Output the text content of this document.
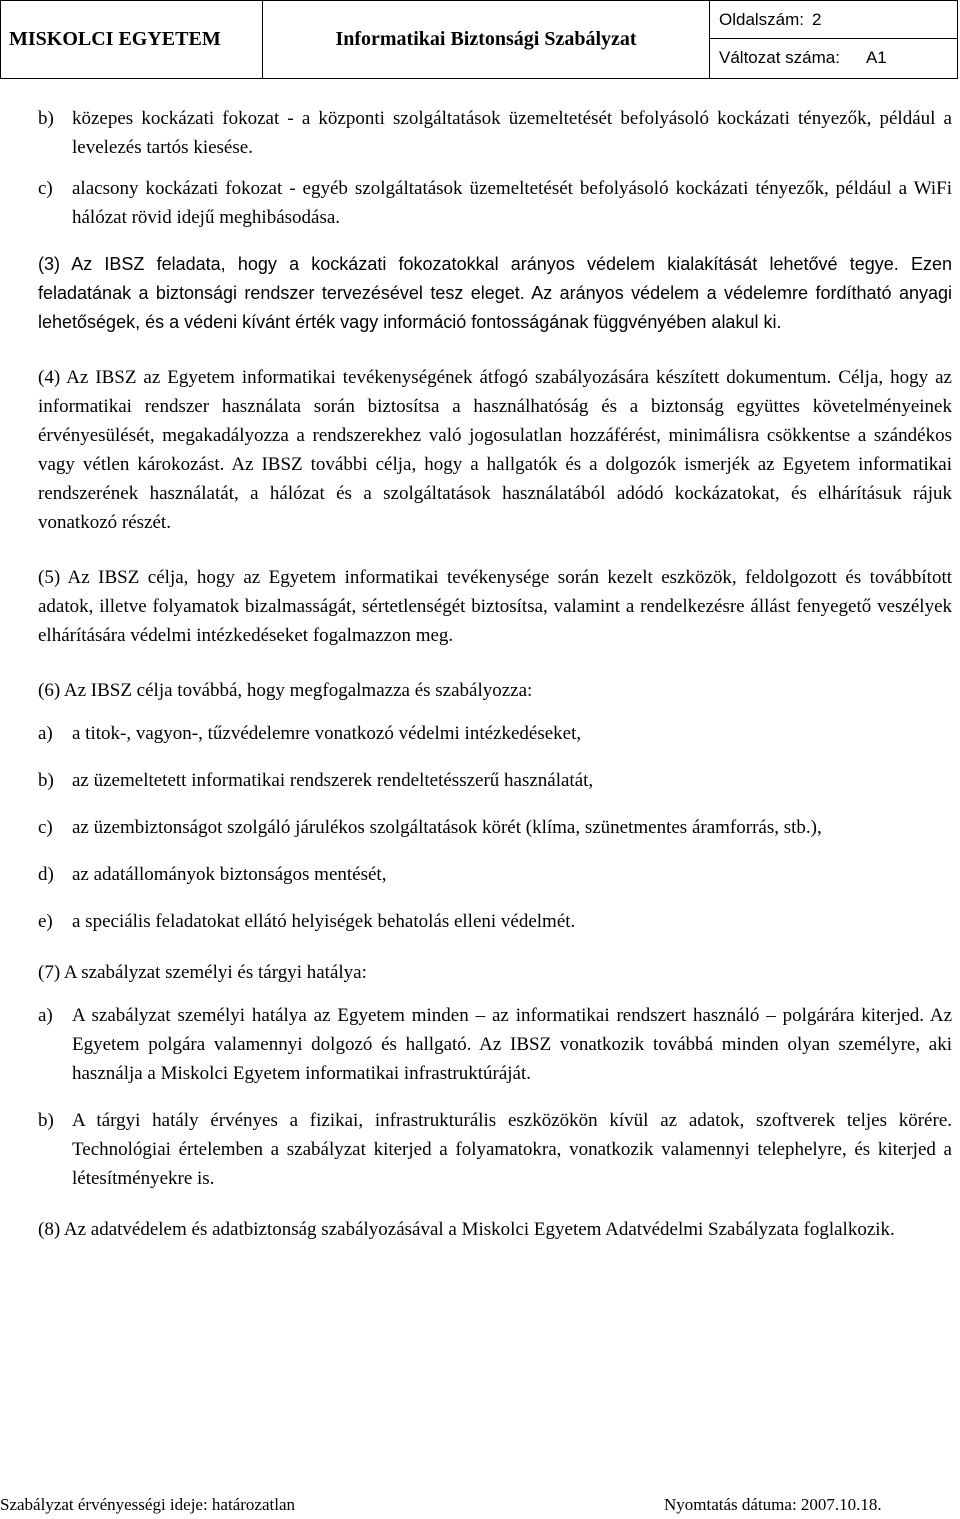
MISKOLCI EGYETEM	Informatikai Biztonsági Szabályzat
Oldalszám: 2
Változat száma: A1
b) közepes kockázati fokozat - a központi szolgáltatások üzemeltetését befolyásoló kockázati tényezők, például a levelezés tartós kiesése.
c)	alacsony kockázati fokozat - egyéb szolgáltatások üzemeltetését befolyásoló kockázati tényezők, például a WiFi hálózat rövid idejű meghibásodása.

(3) Az IBSZ feladata, hogy a kockázati fokozatokkal arányos védelem kialakítását lehetővé tegye. Ezen feladatának a biztonsági rendszer tervezésével tesz eleget. Az arányos védelem a védelemre fordítható anyagi lehetőségek, és a védeni kívánt érték vagy információ fontosságának függvényében alakul ki.

(4) Az IBSZ az Egyetem informatikai tevékenységének átfogó szabályozására készített dokumentum. Célja, hogy az informatikai rendszer használata során biztosítsa a használhatóság és a biztonság együttes követelményeinek érvényesülését, megakadályozza a rendszerekhez való jogosulatlan hozzáférést, minimálisra csökkentse a szándékos vagy vétlen károkozást. Az IBSZ további célja, hogy a hallgatók és a dolgozók ismerjék az Egyetem informatikai rendszerének használatát, a hálózat és a szolgáltatások használatából adódó kockázatokat, és elhárításuk rájuk vonatkozó részét.

(5) Az IBSZ célja, hogy az Egyetem informatikai tevékenysége során kezelt eszközök, feldolgozott és továbbított adatok, illetve folyamatok bizalmasságát, sértetlenségét biztosítsa, valamint a rendelkezésre állást fenyegető veszélyek elhárítására védelmi intézkedéseket fogalmazzon meg.

(6) Az IBSZ célja továbbá, hogy megfogalmazza és szabályozza:

a)	a titok-, vagyon-, tűzvédelemre vonatkozó védelmi intézkedéseket,
b) az üzemeltetett informatikai rendszerek rendeltetésszerű használatát,
c)	az üzembiztonságot szolgáló járulékos szolgáltatások körét (klíma, szünetmentes áramforrás, stb.),
d) az adatállományok biztonságos mentését,
e)	a speciális feladatokat ellátó helyiségek behatolás elleni védelmét.

(7) A szabályzat személyi és tárgyi hatálya:

a)	A szabályzat személyi hatálya az Egyetem minden – az informatikai rendszert használó – polgárára kiterjed. Az Egyetem polgára valamennyi dolgozó és hallgató. Az IBSZ vonatkozik továbbá minden olyan személyre, aki használja a Miskolci Egyetem informatikai infrastruktúráját.
b) A tárgyi hatály érvényes a fizikai, infrastrukturális eszközökön kívül az adatok, szoftverek teljes körére. Technológiai értelemben a szabályzat kiterjed a folyamatokra, vonatkozik valamennyi telephelyre, és kiterjed a létesítményekre is.

(8) Az adatvédelem és adatbiztonság szabályozásával a Miskolci Egyetem Adatvédelmi Szabályzata foglalkozik.

Szabályzat érvényességi ideje: határozatlan	Nyomtatás dátuma: 2007.10.18.
